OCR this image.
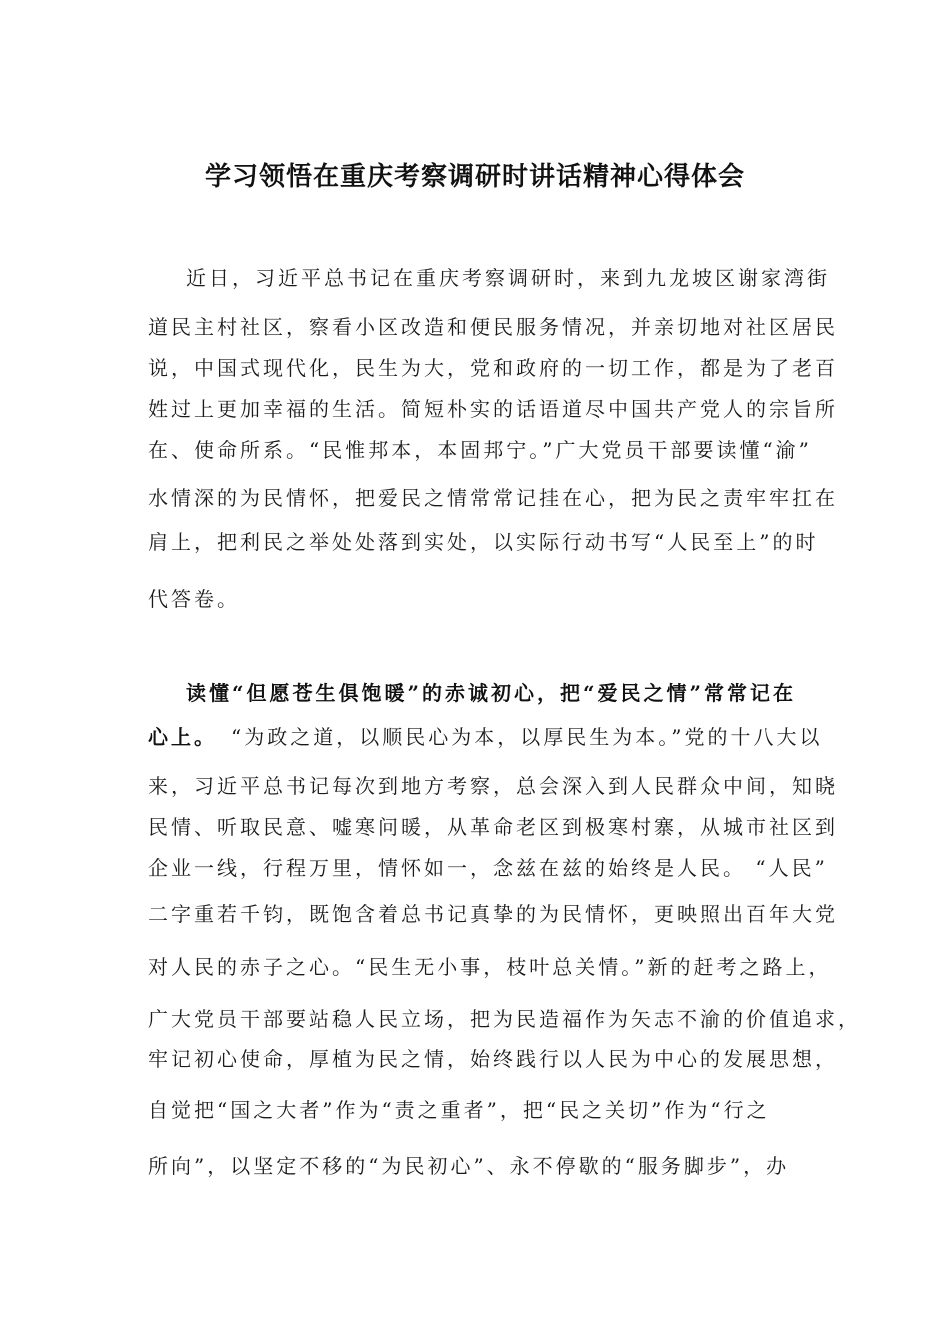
学习领悟在重庆考察调研时讲话精神心得体会
近日，习近平总书记在重庆考察调研时，来到九龙坡区谢家湾街
道民主村社区，察看小区改造和便民服务情况，并亲切地对社区居民
说，中国式现代化，民生为大，党和政府的一切工作，都是为了老百
姓过上更加幸福的生活。简短朴实的话语道尽中国共产党人的宗旨所
在、使命所系。“民惟邦本，本固邦宁。”广大党员干部要读懂“渝”
水情深的为民情怀，把爱民之情常常记挂在心，把为民之责牢牢扛在
肩上，把利民之举处处落到实处，以实际行动书写“人民至上”的时
代答卷。
读懂“但愿苍生俱饱暖”的赤诚初心，把“爱民之情”常常记在
心上。 “为政之道，以顺民心为本，以厚民生为本。”党的十八大以
来，习近平总书记每次到地方考察，总会深入到人民群众中间，知晓
民情、听取民意、嘘寒问暖，从革命老区到极寒村寨，从城市社区到
企业一线，行程万里，情怀如一，念兹在兹的始终是人民。 “人民”
二字重若千钧，既饱含着总书记真挚的为民情怀，更映照出百年大党
对人民的赤子之心。“民生无小事，枝叶总关情。”新的赶考之路上，
广大党员干部要站稳人民立场，把为民造福作为矢志不渝的价值追求，
牢记初心使命，厚植为民之情，始终践行以人民为中心的发展思想，
自觉把“国之大者”作为“责之重者”，把“民之关切”作为“行之
所向”，以坚定不移的“为民初心”、永不停歇的“服务脚步”，办
